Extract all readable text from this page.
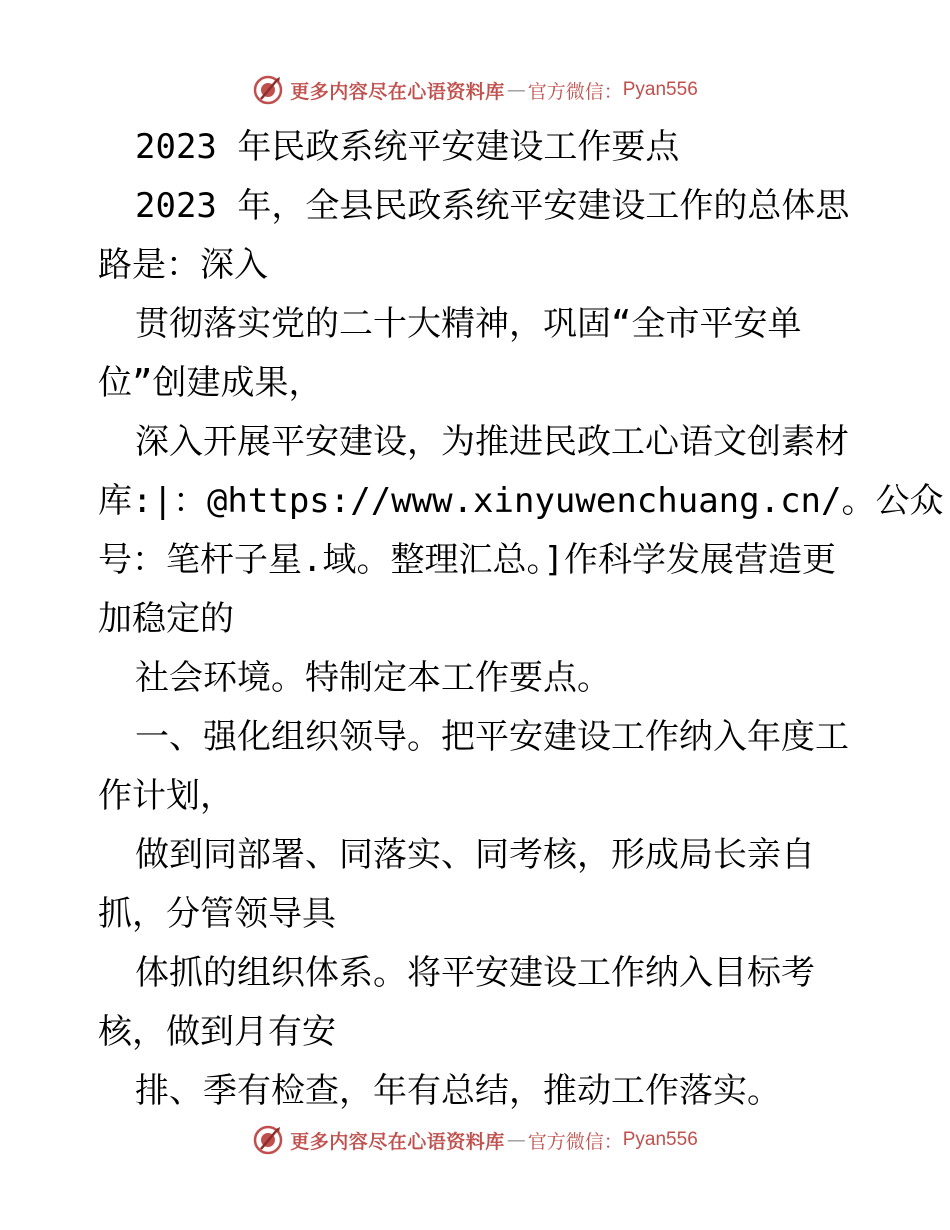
更多内容尽在心语资料库 — 官方微信： Pyan556
2023 年民政系统平安建设工作要点
2023 年，全县民政系统平安建设工作的总体思
路是：深入
贯彻落实党的二十大精神，巩固“全市平安单
位”创建成果，
深入开展平安建设，为推进民政工心语文创素材
库:|：@https://www.xinyuwenchuang.cn/。公众
号：笔杆子星.域。整理汇总。]作科学发展营造更
加稳定的
社会环境。特制定本工作要点。
一、强化组织领导。把平安建设工作纳入年度工
作计划，
做到同部署、同落实、同考核，形成局长亲自
抓，分管领导具
体抓的组织体系。将平安建设工作纳入目标考
核，做到月有安
排、季有检查，年有总结，推动工作落实。
更多内容尽在心语资料库 — 官方微信： Pyan556
